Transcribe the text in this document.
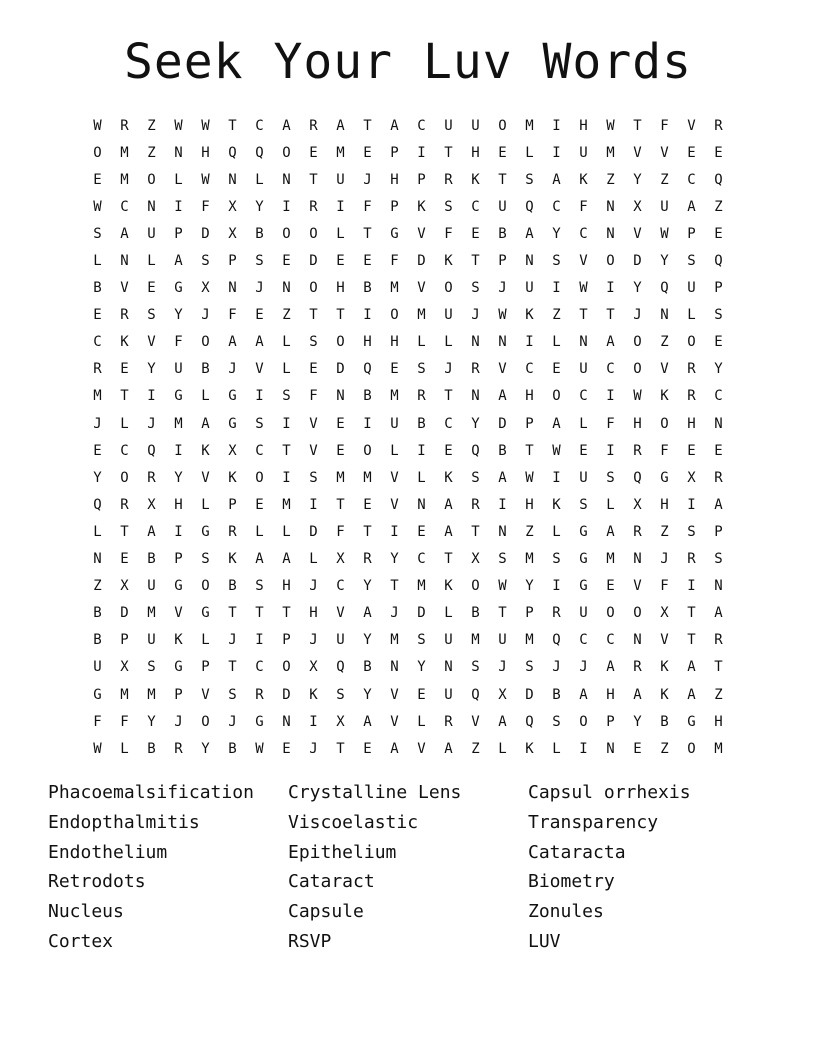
Seek Your Luv Words
W	R	Z	W	W	T	C	A	R	A	T	A	C	U	U	O	M	I	H	W	T	F	V	R
O	M	Z	N	H	Q	Q	O	E	M	E	P	I	T	H	E	L	I	U	M	V	V	E	E
E	M	O	L	W	N	L	N	T	U	J	H	P	R	K	T	S	A	K	Z	Y	Z	C	Q
W	C	N	I	F	X	Y	I	R	I	F	P	K	S	C	U	Q	C	F	N	X	U	A	Z
S	A	U	P	D	X	B	O	O	L	T	G	V	F	E	B	A	Y	C	N	V	W	P	E
L	N	L	A	S	P	S	E	D	E	E	F	D	K	T	P	N	S	V	O	D	Y	S	Q
B	V	E	G	X	N	J	N	O	H	B	M	V	O	S	J	U	I	W	I	Y	Q	U	P
E	R	S	Y	J	F	E	Z	T	T	I	O	M	U	J	W	K	Z	T	T	J	N	L	S
C	K	V	F	O	A	A	L	S	O	H	H	L	L	N	N	I	L	N	A	O	Z	O	E
R	E	Y	U	B	J	V	L	E	D	Q	E	S	J	R	V	C	E	U	C	O	V	R	Y
M	T	I	G	L	G	I	S	F	N	B	M	R	T	N	A	H	O	C	I	W	K	R	C
J	L	J	M	A	G	S	I	V	E	I	U	B	C	Y	D	P	A	L	F	H	O	H	N
E	C	Q	I	K	X	C	T	V	E	O	L	I	E	Q	B	T	W	E	I	R	F	E	E
Y	O	R	Y	V	K	O	I	S	M	M	V	L	K	S	A	W	I	U	S	Q	G	X	R
Q	R	X	H	L	P	E	M	I	T	E	V	N	A	R	I	H	K	S	L	X	H	I	A
L	T	A	I	G	R	L	L	D	F	T	I	E	A	T	N	Z	L	G	A	R	Z	S	P
N	E	B	P	S	K	A	A	L	X	R	Y	C	T	X	S	M	S	G	M	N	J	R	S
Z	X	U	G	O	B	S	H	J	C	Y	T	M	K	O	W	Y	I	G	E	V	F	I	N
B	D	M	V	G	T	T	T	H	V	A	J	D	L	B	T	P	R	U	O	O	X	T	A
B	P	U	K	L	J	I	P	J	U	Y	M	S	U	M	U	M	Q	C	C	N	V	T	R
U	X	S	G	P	T	C	O	X	Q	B	N	Y	N	S	J	S	J	J	A	R	K	A	T
G	M	M	P	V	S	R	D	K	S	Y	V	E	U	Q	X	D	B	A	H	A	K	A	Z
F	F	Y	J	O	J	G	N	I	X	A	V	L	R	V	A	Q	S	O	P	Y	B	G	H
W	L	B	R	Y	B	W	E	J	T	E	A	V	A	Z	L	K	L	I	N	E	Z	O	M
Phacoemalsification	Crystalline Lens	Capsul orrhexis
Endopthalmitis	Viscoelastic	Transparency
Endothelium	Epithelium	Cataracta
Retrodots	Cataract	Biometry
Nucleus	Capsule	Zonules
Cortex	RSVP	LUV
